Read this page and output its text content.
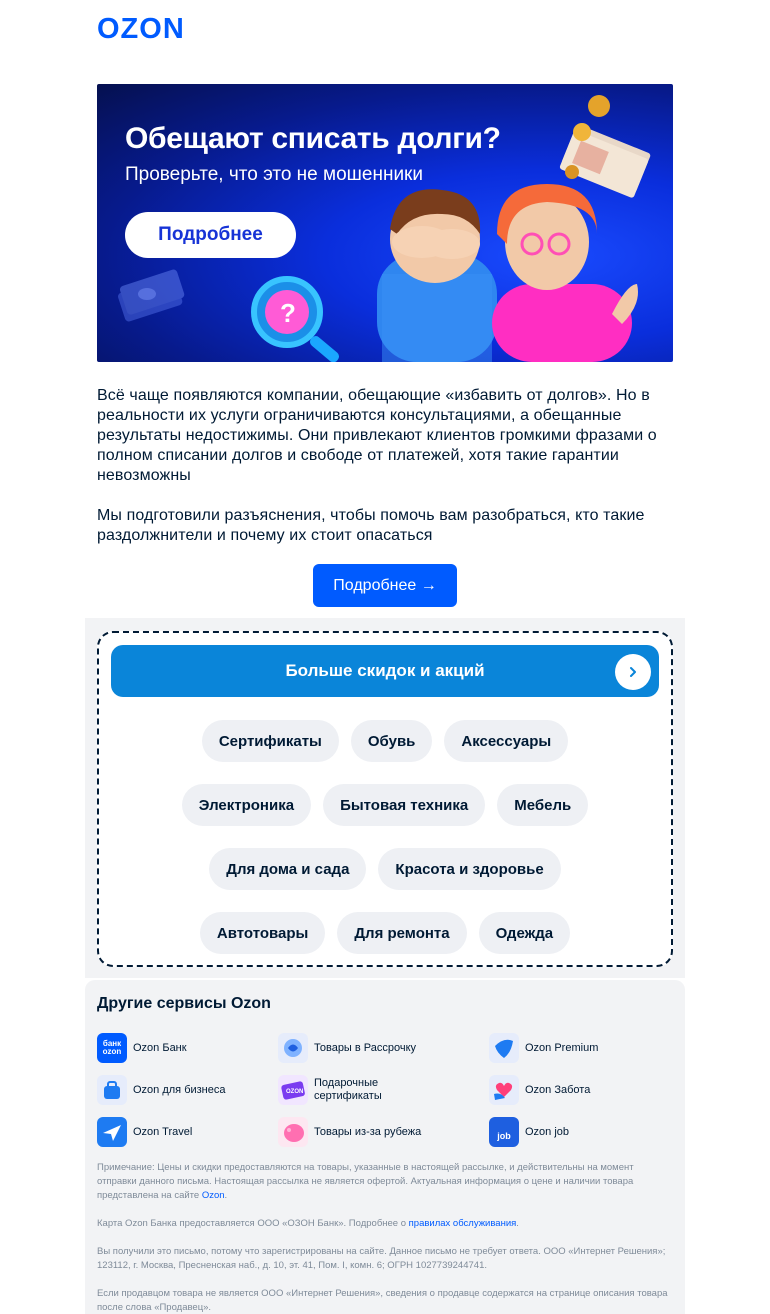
OZON
?
Обещают списать долги?
Проверьте, что это не мошенники
Подробнее

Всё чаще появляются компании, обещающие «избавить от долгов». Но в реальности их услуги ограничиваются консультациями, а обещанные результаты недостижимы. Они привлекают клиентов громкими фразами о полном списании долгов и свободе от платежей, хотя такие гарантии невозможны

Мы подготовили разъяснения, чтобы помочь вам разобраться, кто такие раздолжнители и почему их стоит опасаться

Подробнее →
Больше скидок и акций
Сертификаты	Обувь	Аксессуары
Электроника	Бытовая техника	Мебель
Для дома и сада	Красота и здоровье
Автотовары	Для ремонта	Одежда
Другие сервисы Ozon
банк ozon Ozon Банк
Ozon для бизнеса
Ozon Travel
Товары в Рассрочку
OZON
Подарочные сертификаты
Товары из-за рубежа
Ozon Premium
Ozon Забота
job Ozon job

Примечание: Цены и скидки предоставляются на товары, указанные в настоящей рассылке, и действительны на момент отправки данного письма. Настоящая рассылка не является офертой. Актуальная информация о цене и наличии товара представлена на сайте Ozon.

Карта Ozon Банка предоставляется ООО «ОЗОН Банк». Подробнее о правилах обслуживания.

Вы получили это письмо, потому что зарегистрированы на сайте. Данное письмо не требует ответа. ООО «Интернет Решения»; 123112, г. Москва, Пресненская наб., д. 10, эт. 41, Пом. I, комн. 6; ОГРН 1027739244741.

Если продавцом товара не является ООО «Интернет Решения», сведения о продавце содержатся на странице описания товара после слова «Продавец».
